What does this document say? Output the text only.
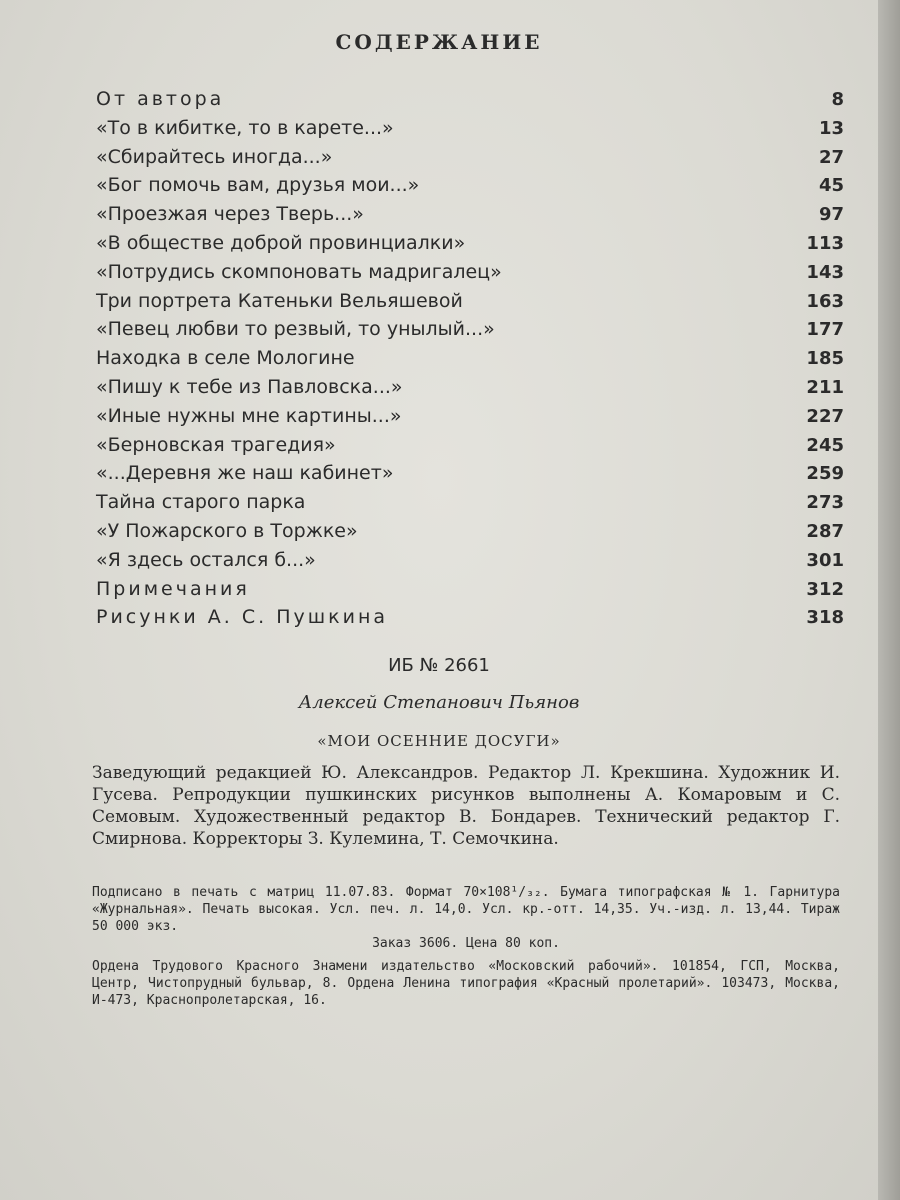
СОДЕРЖАНИЕ
От автора	8
«То в кибитке, то в карете...»	13
«Сбирайтесь иногда...»	27
«Бог помочь вам, друзья мои...»	45
«Проезжая через Тверь...»	97
«В обществе доброй провинциалки»	113
«Потрудись скомпоновать мадригалец»	143
Три портрета Катеньки Вельяшевой	163
«Певец любви то резвый, то унылый...»	177
Находка в селе Мологине	185
«Пишу к тебе из Павловска...»	211
«Иные нужны мне картины...»	227
«Берновская трагедия»	245
«...Деревня же наш кабинет»	259
Тайна старого парка	273
«У Пожарского в Торжке»	287
«Я здесь остался б...»	301
Примечания	312
Рисунки А. С. Пушкина	318
ИБ № 2661
Алексей Степанович Пьянов
«МОИ ОСЕННИЕ ДОСУГИ»

Заведующий редакцией Ю. Александров. Редактор Л. Крекшина. Художник И. Гусева. Репродукции пушкинских рисунков выполнены А. Комаровым и С. Семовым. Художественный редактор В. Бондарев. Технический редактор Г. Смирнова. Корректоры З. Кулемина, Т. Семочкина.

Подписано в печать с матриц 11.07.83. Формат 70×108¹/₃₂. Бумага типографская № 1. Гарнитура «Журнальная». Печать высокая. Усл. печ. л. 14,0. Усл. кр.-отт. 14,35. Уч.-изд. л. 13,44. Тираж 50 000 экз.
Заказ 3606. Цена 80 коп.

Ордена Трудового Красного Знамени издательство «Московский рабочий». 101854, ГСП, Москва, Центр, Чистопрудный бульвар, 8. Ордена Ленина типография «Красный пролетарий». 103473, Москва, И-473, Краснопролетарская, 16.
